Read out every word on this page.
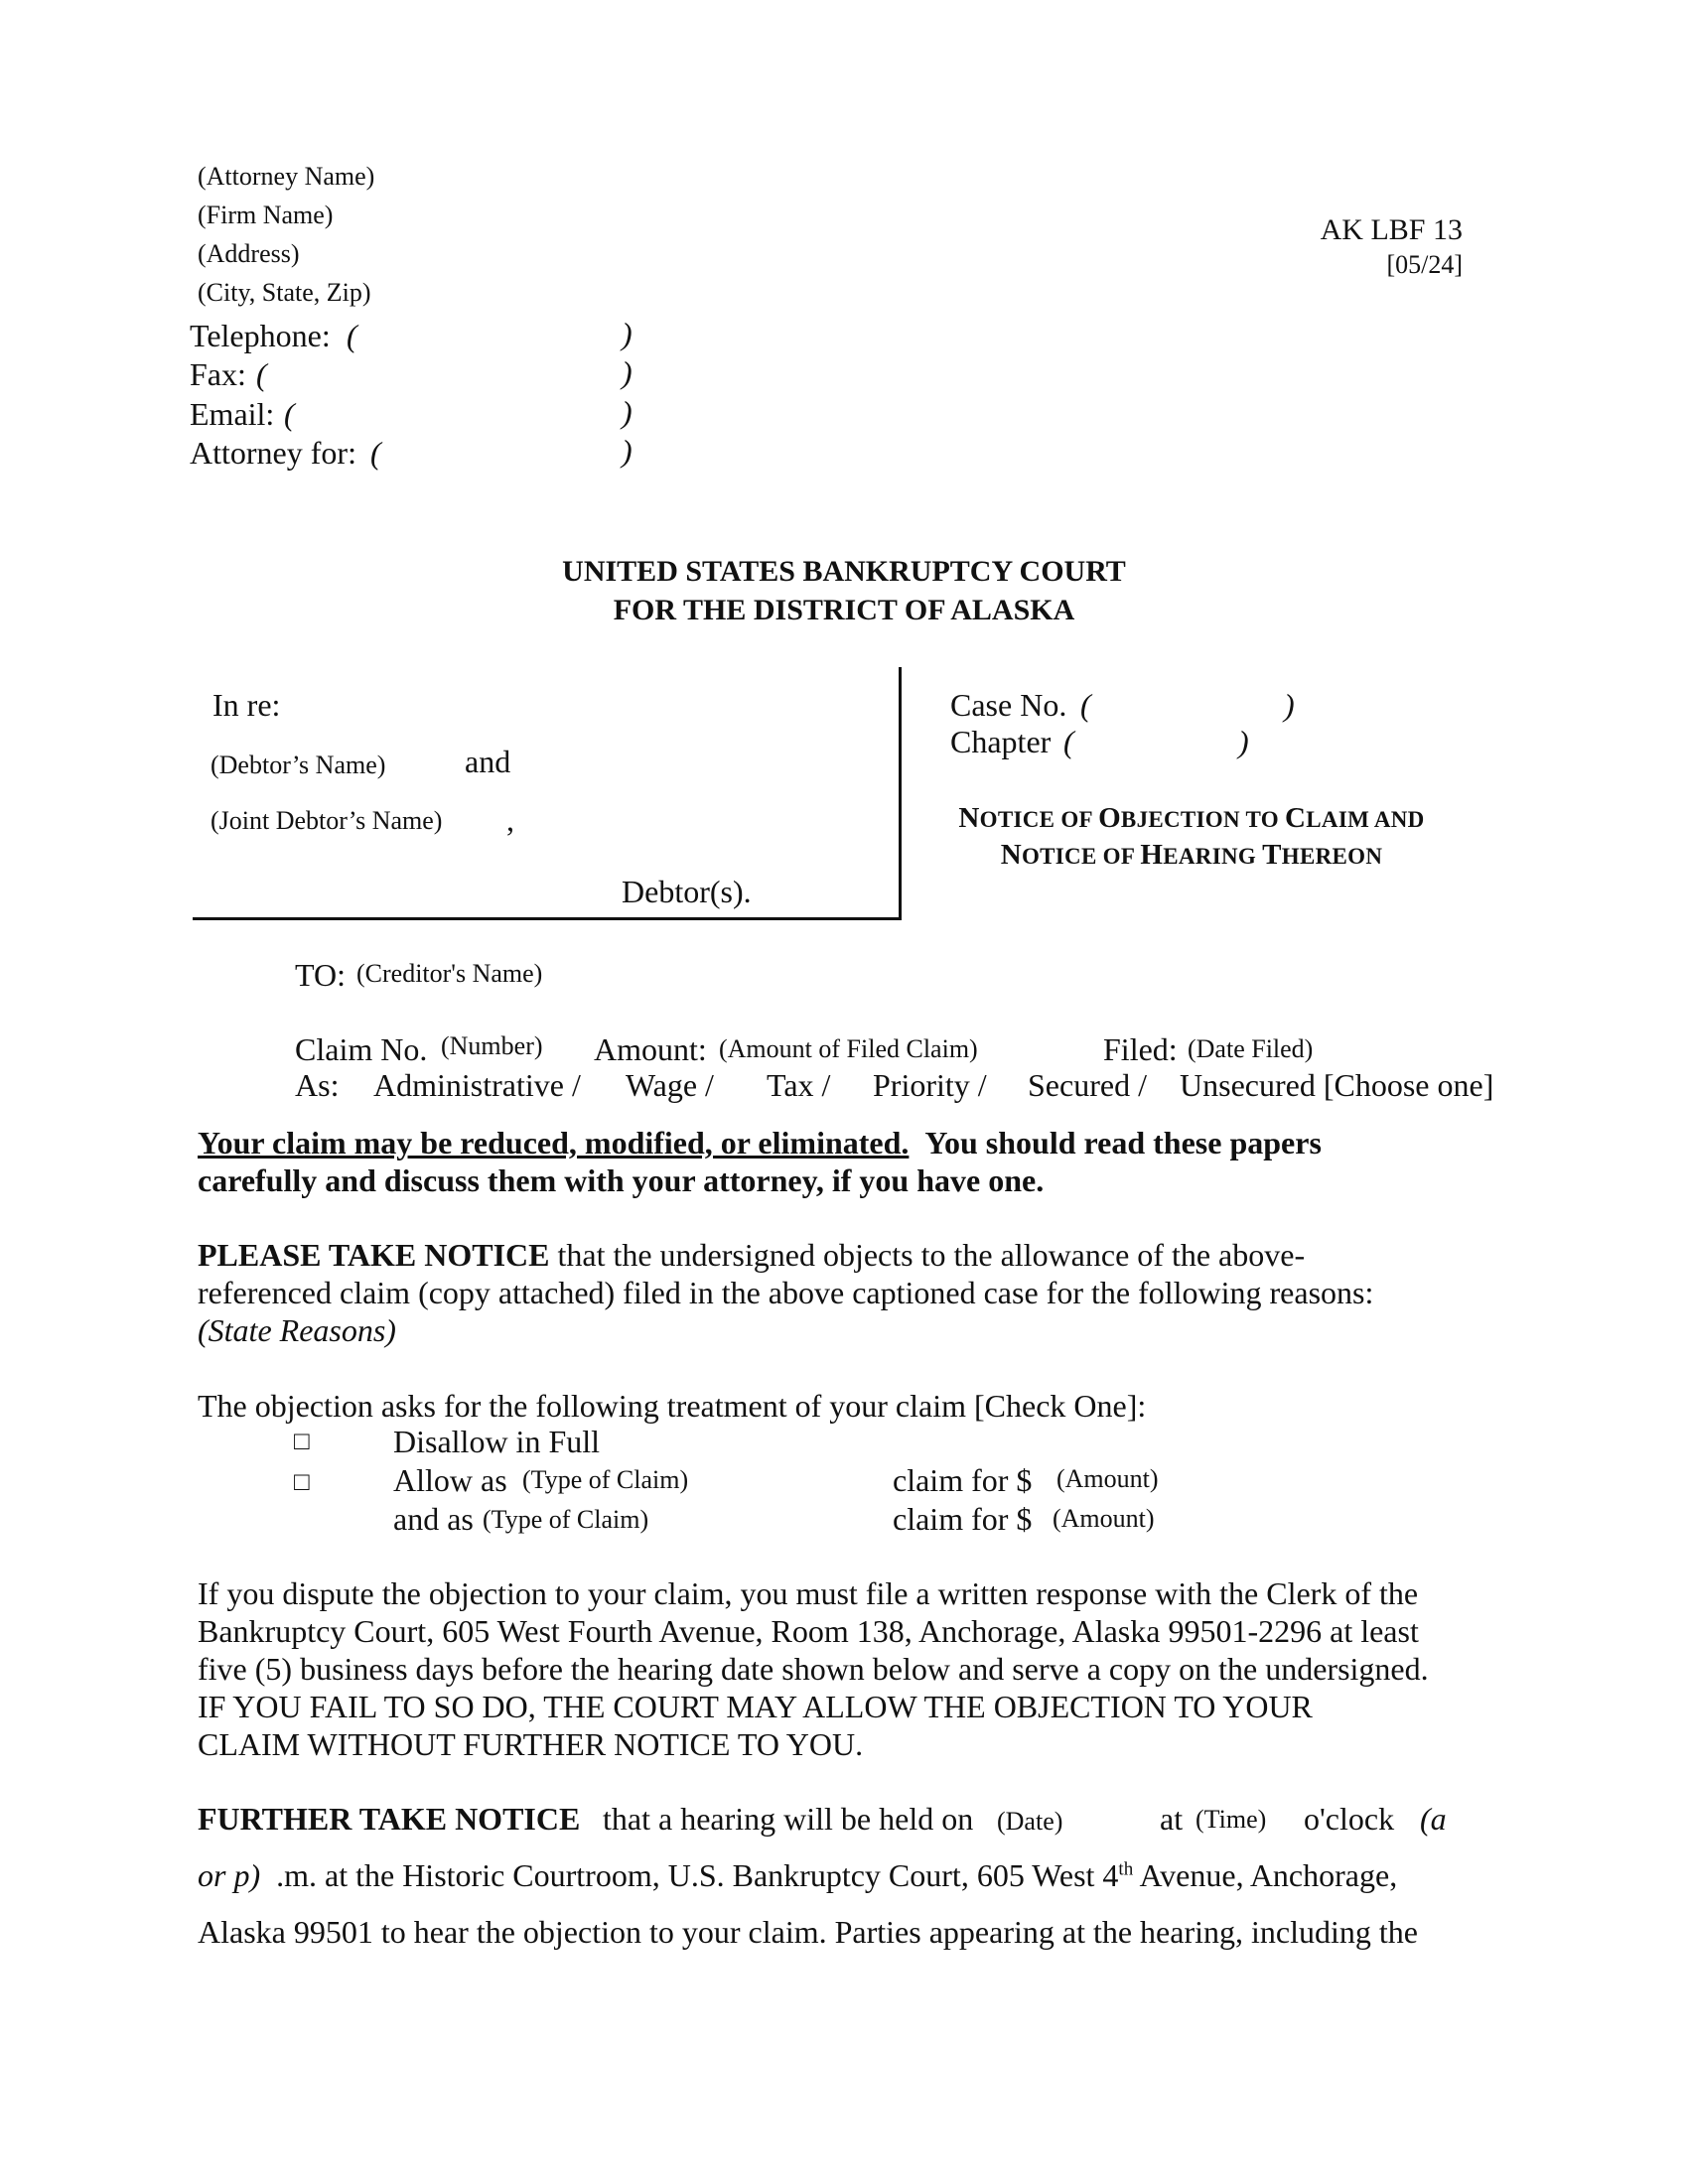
(Attorney Name)
(Firm Name)
(Address)
(City, State, Zip)
Telephone: (	)
Fax: (	)
Email: (	)
Attorney for: (	)
AK LBF 13
[05/24]
UNITED STATES BANKRUPTCY COURT
FOR THE DISTRICT OF ALASKA
In re:
(Debtor’s Name) and
(Joint Debtor’s Name) ,
Debtor(s).
Case No. (	)
Chapter (	)
NOTICE OF OBJECTION TO CLAIM AND
NOTICE OF HEARING THEREON
TO: (Creditor's Name)
Claim No. (Number) Amount: (Amount of Filed Claim)	Filed: (Date Filed)
As: Administrative / Wage / Tax / Priority / Secured / Unsecured [Choose one]
Your claim may be reduced, modified, or eliminated. You should read these papers
carefully and discuss them with your attorney, if you have one.
PLEASE TAKE NOTICE that the undersigned objects to the allowance of the above-
referenced claim (copy attached) filed in the above captioned case for the following reasons:
(State Reasons)
The objection asks for the following treatment of your claim [Check One]:
□	Disallow in Full
□	Allow as (Type of Claim)	claim for $ (Amount)
and as (Type of Claim)	claim for $ (Amount)
If you dispute the objection to your claim, you must file a written response with the Clerk of the
Bankruptcy Court, 605 West Fourth Avenue, Room 138, Anchorage, Alaska 99501-2296 at least
five (5) business days before the hearing date shown below and serve a copy on the undersigned.
IF YOU FAIL TO SO DO, THE COURT MAY ALLOW THE OBJECTION TO YOUR
CLAIM WITHOUT FURTHER NOTICE TO YOU.
FURTHER TAKE NOTICE that a hearing will be held on (Date)	at (Time) o'clock (a
or p) .m. at the Historic Courtroom, U.S. Bankruptcy Court, 605 West 4th Avenue, Anchorage,
Alaska 99501 to hear the objection to your claim. Parties appearing at the hearing, including the
